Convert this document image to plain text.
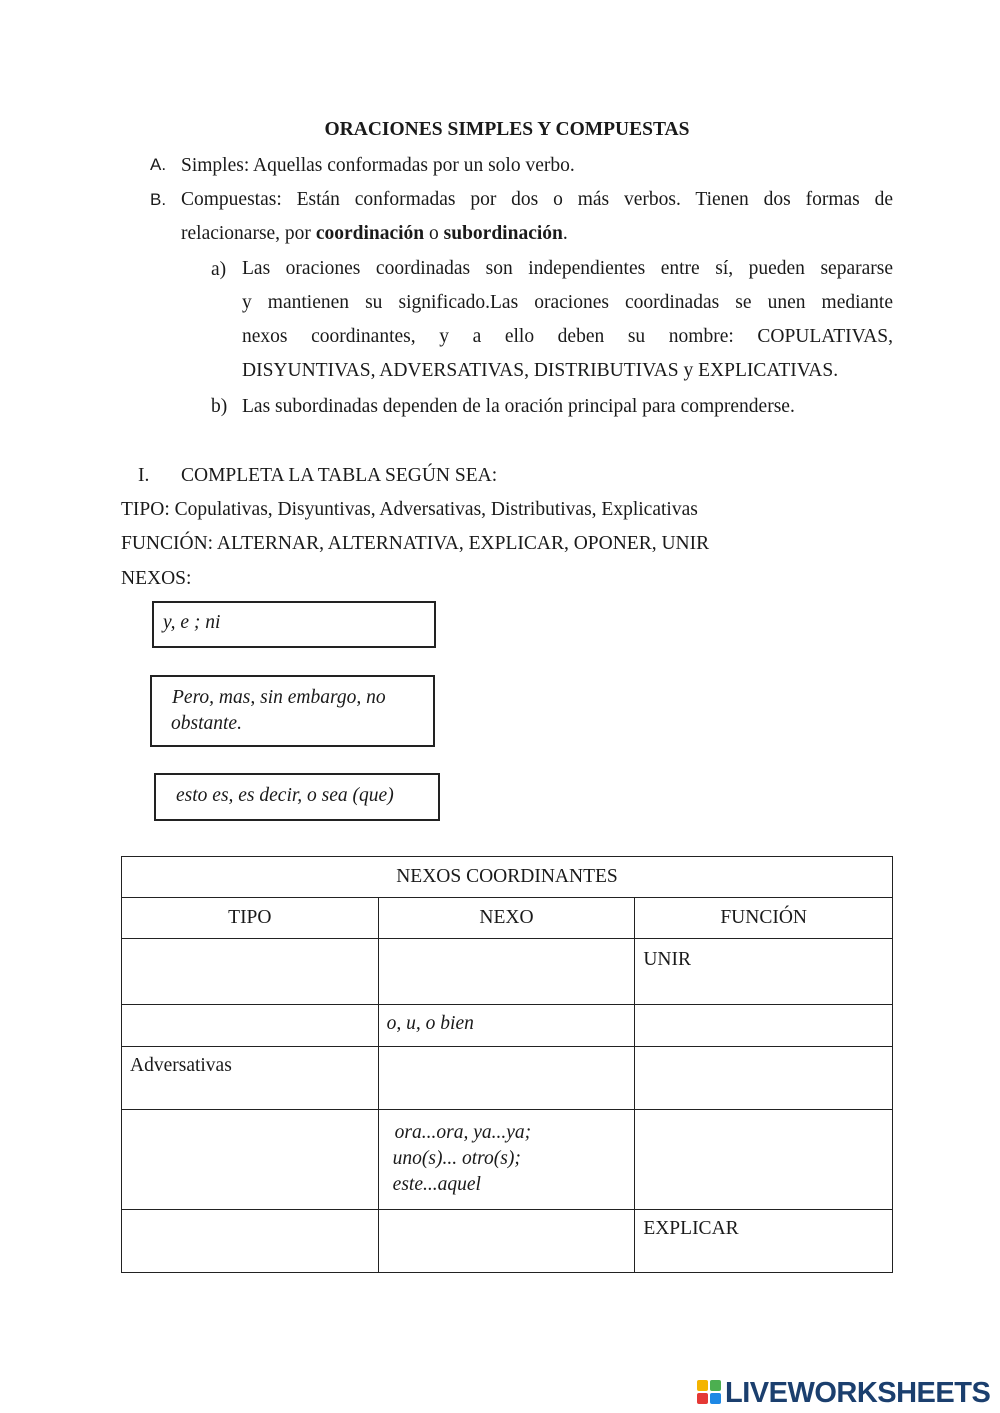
ORACIONES SIMPLES Y COMPUESTAS
A. Simples: Aquellas conformadas por un solo verbo.
B. Compuestas: Están conformadas por dos o más verbos. Tienen dos formas de
relacionarse, por coordinación o subordinación.
a) Las oraciones coordinadas son independientes entre sí, pueden separarse
y mantienen su significado.Las oraciones coordinadas se unen mediante
nexos coordinantes, y a ello deben su nombre: COPULATIVAS,
DISYUNTIVAS, ADVERSATIVAS, DISTRIBUTIVAS y EXPLICATIVAS.
b) Las subordinadas dependen de la oración principal para comprenderse.
I. COMPLETA LA TABLA SEGÚN SEA:
TIPO: Copulativas, Disyuntivas, Adversativas, Distributivas, Explicativas
FUNCIÓN: ALTERNAR, ALTERNATIVA, EXPLICAR, OPONER, UNIR
NEXOS:
y, e ; ni
Pero, mas, sin embargo, no
obstante.
esto es, es decir, o sea (que)
NEXOS COORDINANTES		
TIPO	NEXO	FUNCIÓN
		UNIR
	o, u, o bien	
Adversativas		

	ora...ora, ya...ya;
uno(s)... otro(s);
este...aquel	

		EXPLICAR
LIVEWORKSHEETS
